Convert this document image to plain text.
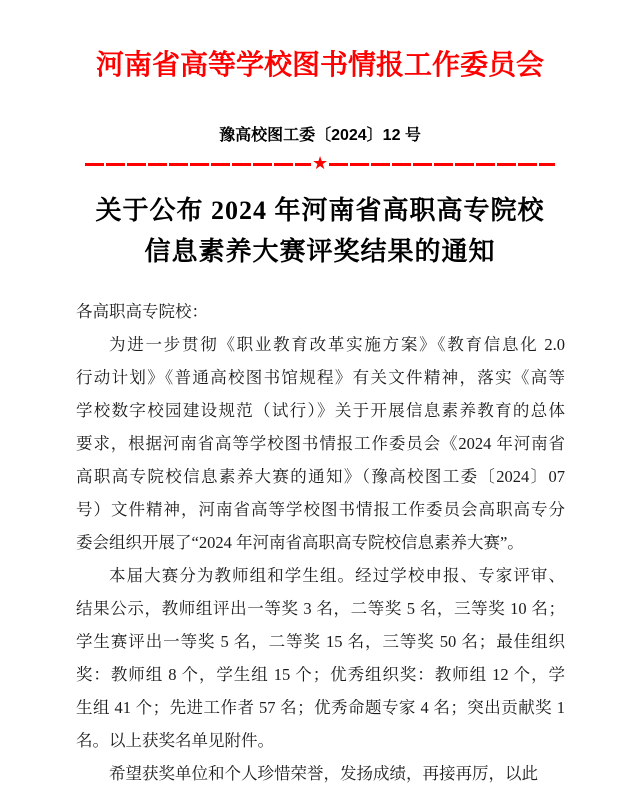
河南省高等学校图书情报工作委员会
豫高校图工委〔2024〕12 号
★
关于公布 2024 年河南省高职高专院校
信息素养大赛评奖结果的通知
各高职高专院校：
为进一步贯彻《职业教育改革实施方案》《教育信息化 2.0
行动计划》《普通高校图书馆规程》有关文件精神，落实《高等
学校数字校园建设规范（试行）》关于开展信息素养教育的总体
要求，根据河南省高等学校图书情报工作委员会《2024 年河南省
高职高专院校信息素养大赛的通知》（豫高校图工委〔2024〕07
号）文件精神，河南省高等学校图书情报工作委员会高职高专分
委会组织开展了“2024 年河南省高职高专院校信息素养大赛”。
本届大赛分为教师组和学生组。经过学校申报、专家评审、
结果公示，教师组评出一等奖 3 名，二等奖 5 名，三等奖 10 名；
学生赛评出一等奖 5 名，二等奖 15 名，三等奖 50 名；最佳组织
奖：教师组 8 个，学生组 15 个；优秀组织奖：教师组 12 个，学
生组 41 个；先进工作者 57 名；优秀命题专家 4 名；突出贡献奖 1
名。以上获奖名单见附件。
希望获奖单位和个人珍惜荣誉，发扬成绩，再接再厉，以此
